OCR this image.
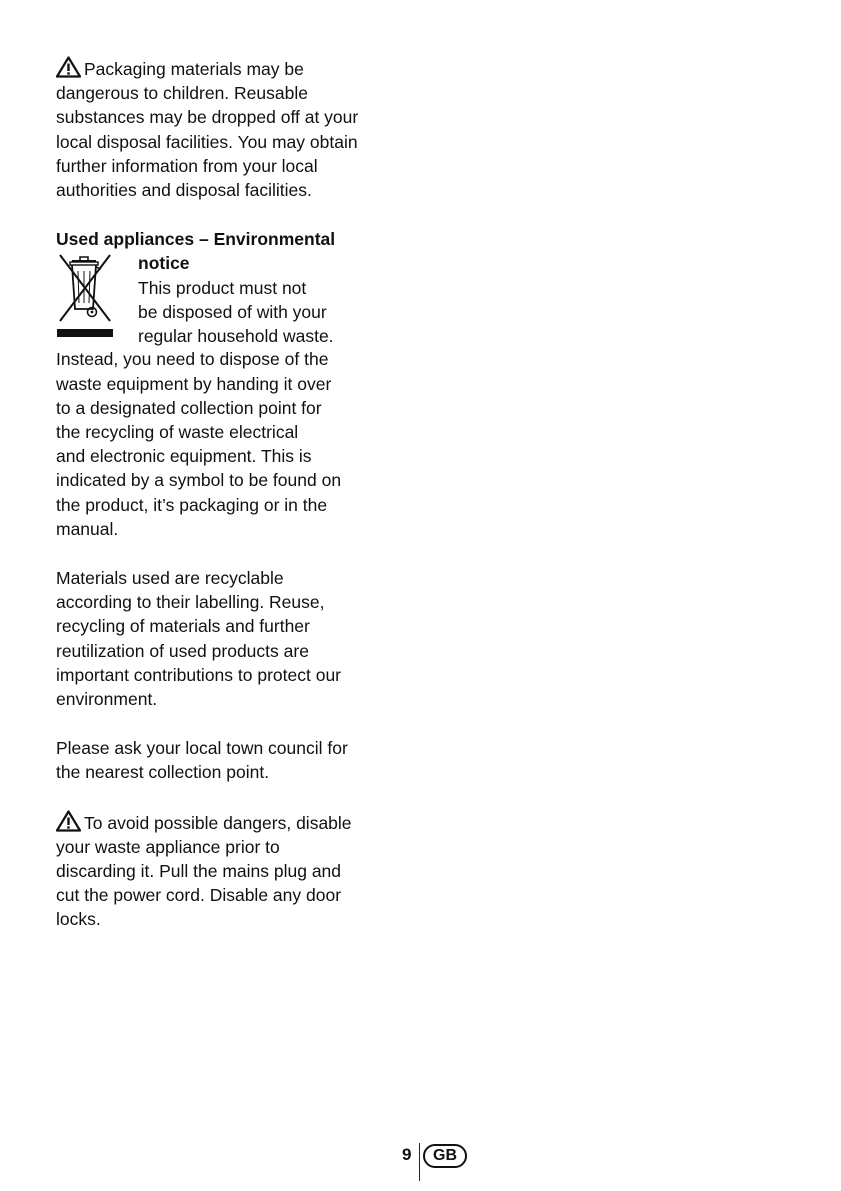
Packaging materials may be
dangerous to children. Reusable
substances may be dropped off at your
local disposal facilities. You may obtain
further information from your local
authorities and disposal facilities.
Used appliances – Environmental
notice
This product must not
be disposed of with your
regular household waste.
Instead, you need to dispose of the
waste equipment by handing it over
to a designated collection point for
the recycling of waste electrical
and electronic equipment. This is
indicated by a symbol to be found on
the product, it’s packaging or in the
manual.
Materials used are recyclable
according to their labelling. Reuse,
recycling of materials and further
reutilization of used products are
important contributions to protect our
environment.
Please ask your local town council for
the nearest collection point.
To avoid possible dangers, disable
your waste appliance prior to
discarding it. Pull the mains plug and
cut the power cord. Disable any door
locks.
9	GB
